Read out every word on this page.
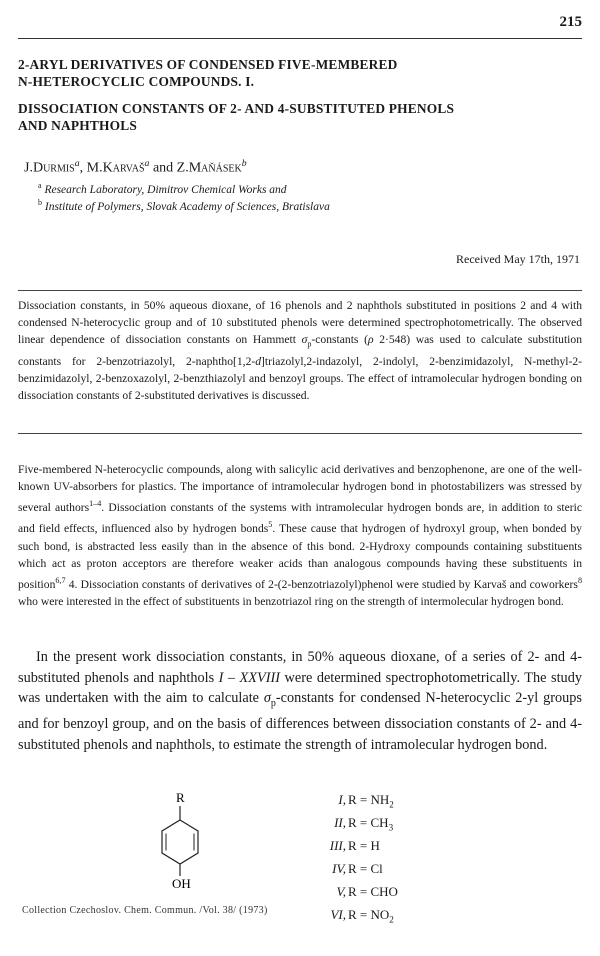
215
2-ARYL DERIVATIVES OF CONDENSED FIVE-MEMBERED
N-HETEROCYCLIC COMPOUNDS. I.
DISSOCIATION CONSTANTS OF 2- AND 4-SUBSTITUTED PHENOLS
AND NAPHTHOLS
J.Durmis$^a$, M.Karvaš$^a$ and Z.Maňásek$^b$
$^a$ Research Laboratory, Dimitrov Chemical Works and
$^b$ Institute of Polymers, Slovak Academy of Sciences, Bratislava
Received May 17th, 1971

Dissociation constants, in 50% aqueous dioxane, of 16 phenols and 2 naphthols substituted in positions 2 and 4 with condensed N-heterocyclic group and of 10 substituted phenols were determined spectrophotometrically. The observed linear dependence of dissociation constants on Hammett $\sigma_p$-constants (ρ 2·548) was used to calculate substitution constants for 2-benzotriazolyl, 2-naphtho[1,2-d]triazolyl,2-indazolyl, 2-indolyl, 2-benzimidazolyl, N-methyl-2-benzimidazolyl, 2-benzoxazolyl, 2-benzthiazolyl and benzoyl groups. The effect of intramolecular hydrogen bonding on dissociation constants of 2-substituted derivatives is discussed.

Five-membered N-heterocyclic compounds, along with salicylic acid derivatives and benzophenone, are one of the well-known UV-absorbers for plastics. The importance of intramolecular hydrogen bond in photostabilizers was stressed by several authors$^{1-4}$. Dissociation constants of the systems with intramolecular hydrogen bonds are, in addition to steric and field effects, influenced also by hydrogen bonds$^5$. These cause that hydrogen of hydroxyl group, when bonded by such bond, is abstracted less easily than in the absence of this bond. 2-Hydroxy compounds containing substituents which act as proton acceptors are therefore weaker acids than analogous compounds having these substituents in position$^{6,7}$ 4. Dissociation constants of derivatives of 2-(2-benzotriazolyl)phenol were studied by Karvaš and coworkers$^8$ who were interested in the effect of substituents in benzotriazol ring on the strength of intermolecular hydrogen bond.

In the present work dissociation constants, in 50% aqueous dioxane, of a series of 2- and 4-substituted phenols and naphthols I – XXVIII were determined spectrophotometrically. The study was undertaken with the aim to calculate $\sigma_p$-constants for condensed N-heterocyclic 2-yl groups and for benzoyl group, and on the basis of differences between dissociation constants of 2- and 4-substituted phenols and naphthols, to estimate the strength of intramolecular hydrogen bond.

R
OH
I, $R = NH_2$
II, $R = CH_3$
III, R = H
IV, R = Cl
V, R = CHO
VI, $R = NO_2$
Collection Czechoslov. Chem. Commun. /Vol. 38/ (1973)
